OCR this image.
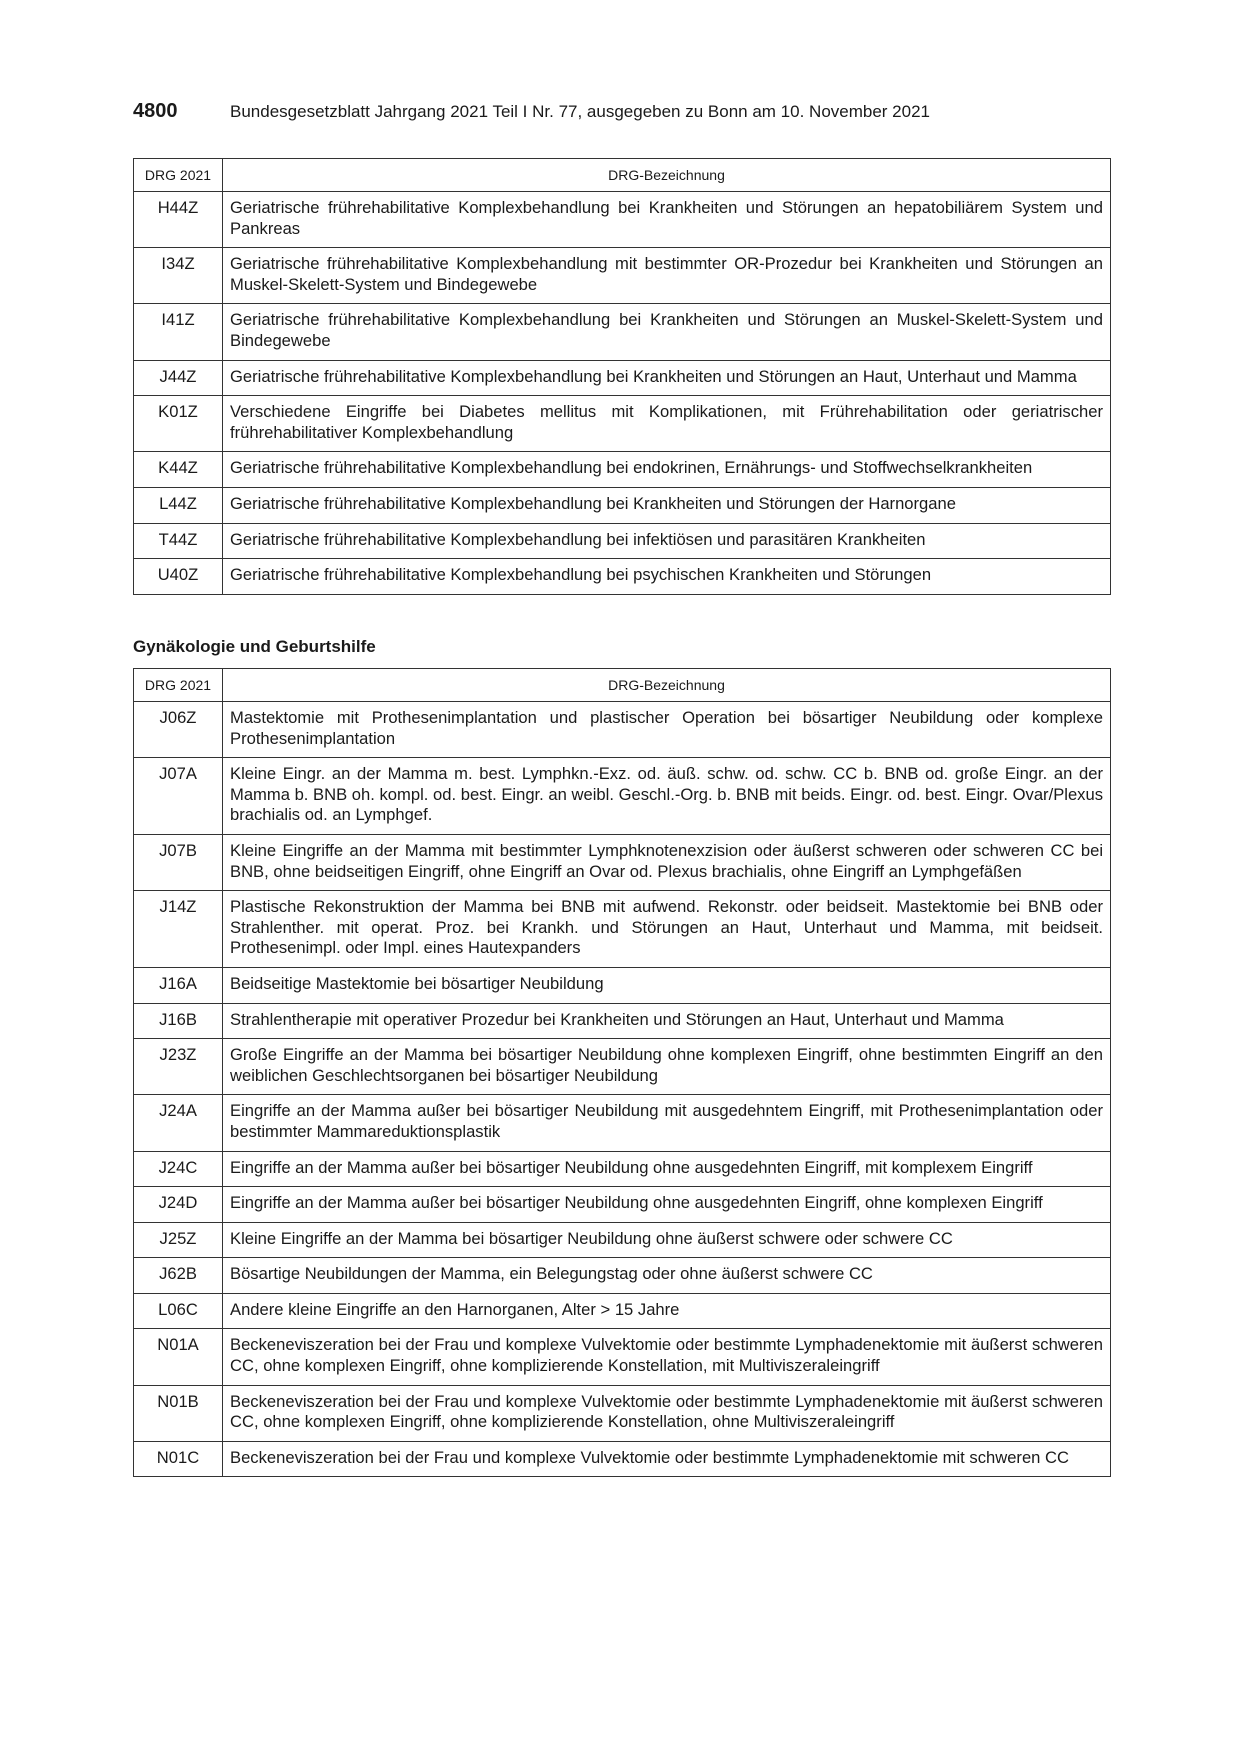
4800	Bundesgesetzblatt Jahrgang 2021 Teil I Nr. 77, ausgegeben zu Bonn am 10. November 2021
DRG 2021	DRG-Bezeichnung
H44Z	Geriatrische frührehabilitative Komplexbehandlung bei Krankheiten und Störungen an hepatobiliärem System und Pankreas
I34Z	Geriatrische frührehabilitative Komplexbehandlung mit bestimmter OR-Prozedur bei Krankheiten und Störungen an Muskel-Skelett-System und Bindegewebe
I41Z	Geriatrische frührehabilitative Komplexbehandlung bei Krankheiten und Störungen an Muskel-Skelett-System und Bindegewebe
J44Z	Geriatrische frührehabilitative Komplexbehandlung bei Krankheiten und Störungen an Haut, Unterhaut und Mamma
K01Z	Verschiedene Eingriffe bei Diabetes mellitus mit Komplikationen, mit Frührehabilitation oder geriatrischer frührehabilitativer Komplexbehandlung
K44Z	Geriatrische frührehabilitative Komplexbehandlung bei endokrinen, Ernährungs- und Stoffwechselkrankheiten
L44Z	Geriatrische frührehabilitative Komplexbehandlung bei Krankheiten und Störungen der Harnorgane
T44Z	Geriatrische frührehabilitative Komplexbehandlung bei infektiösen und parasitären Krankheiten
U40Z	Geriatrische frührehabilitative Komplexbehandlung bei psychischen Krankheiten und Störungen
Gynäkologie und Geburtshilfe
DRG 2021	DRG-Bezeichnung
J06Z	Mastektomie mit Prothesenimplantation und plastischer Operation bei bösartiger Neubildung oder komplexe Prothesenimplantation
J07A	Kleine Eingr. an der Mamma m. best. Lymphkn.-Exz. od. äuß. schw. od. schw. CC b. BNB od. große Eingr. an der Mamma b. BNB oh. kompl. od. best. Eingr. an weibl. Geschl.-Org. b. BNB mit beids. Eingr. od. best. Eingr. Ovar/Plexus brachialis od. an Lymphgef.
J07B	Kleine Eingriffe an der Mamma mit bestimmter Lymphknotenexzision oder äußerst schweren oder schweren CC bei BNB, ohne beidseitigen Eingriff, ohne Eingriff an Ovar od. Plexus brachialis, ohne Eingriff an Lymphgefäßen
J14Z	Plastische Rekonstruktion der Mamma bei BNB mit aufwend. Rekonstr. oder beidseit. Mastektomie bei BNB oder Strahlenther. mit operat. Proz. bei Krankh. und Störungen an Haut, Unterhaut und Mamma, mit beidseit. Prothesenimpl. oder Impl. eines Hautexpanders
J16A	Beidseitige Mastektomie bei bösartiger Neubildung
J16B	Strahlentherapie mit operativer Prozedur bei Krankheiten und Störungen an Haut, Unterhaut und Mamma
J23Z	Große Eingriffe an der Mamma bei bösartiger Neubildung ohne komplexen Eingriff, ohne bestimmten Eingriff an den weiblichen Geschlechtsorganen bei bösartiger Neubildung
J24A	Eingriffe an der Mamma außer bei bösartiger Neubildung mit ausgedehntem Eingriff, mit Prothesenimplantation oder bestimmter Mammareduktionsplastik
J24C	Eingriffe an der Mamma außer bei bösartiger Neubildung ohne ausgedehnten Eingriff, mit komplexem Eingriff
J24D	Eingriffe an der Mamma außer bei bösartiger Neubildung ohne ausgedehnten Eingriff, ohne komplexen Eingriff
J25Z	Kleine Eingriffe an der Mamma bei bösartiger Neubildung ohne äußerst schwere oder schwere CC
J62B	Bösartige Neubildungen der Mamma, ein Belegungstag oder ohne äußerst schwere CC
L06C	Andere kleine Eingriffe an den Harnorganen, Alter > 15 Jahre
N01A	Beckeneviszeration bei der Frau und komplexe Vulvektomie oder bestimmte Lymphadenektomie mit äußerst schweren CC, ohne komplexen Eingriff, ohne komplizierende Konstellation, mit Multiviszeraleingriff
N01B	Beckeneviszeration bei der Frau und komplexe Vulvektomie oder bestimmte Lymphadenektomie mit äußerst schweren CC, ohne komplexen Eingriff, ohne komplizierende Konstellation, ohne Multiviszeraleingriff
N01C	Beckeneviszeration bei der Frau und komplexe Vulvektomie oder bestimmte Lymphadenektomie mit schweren CC
